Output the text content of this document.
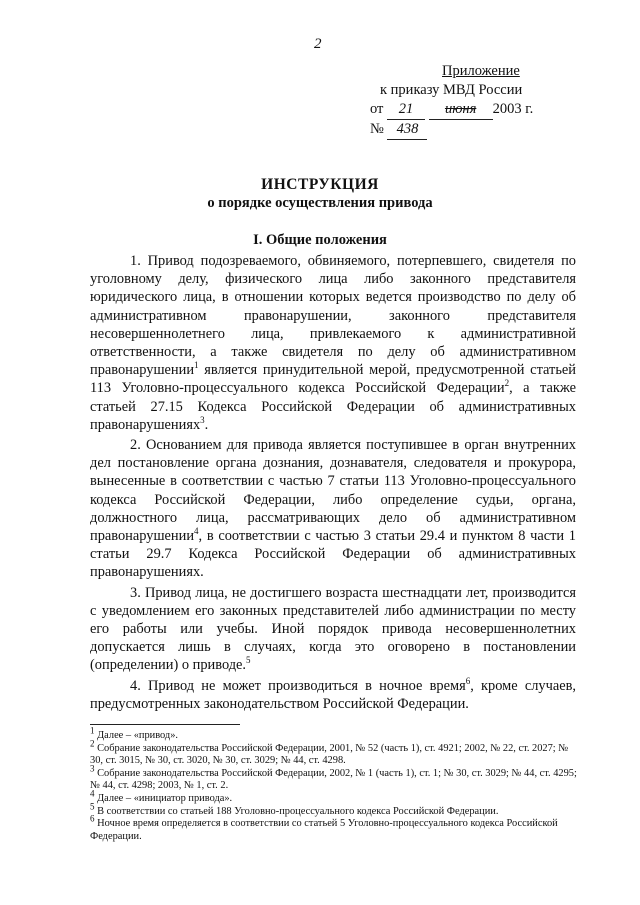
2
Приложение
к приказу МВД России
от 21 июня 2003 г.
№ 438
ИНСТРУКЦИЯ
о порядке осуществления привода
I. Общие положения

1. Привод подозреваемого, обвиняемого, потерпевшего, свидетеля по уголовному делу, физического лица либо законного представителя юридического лица, в отношении которых ведется производство по делу об административном правонарушении, законного представителя несовершеннолетнего лица, привлекаемого к административной ответственности, а также свидетеля по делу об административном правонарушении$^1$ является принудительной мерой, предусмотренной статьей 113 Уголовно-процессуального кодекса Российской Федерации$^2$, а также статьей 27.15 Кодекса Российской Федерации об административных правонарушениях$^3$.

2. Основанием для привода является поступившее в орган внутренних дел постановление органа дознания, дознавателя, следователя и прокурора, вынесенные в соответствии с частью 7 статьи 113 Уголовно-процессуального кодекса Российской Федерации, либо определение судьи, органа, должностного лица, рассматривающих дело об административном правонарушении$^4$, в соответствии с частью 3 статьи 29.4 и пунктом 8 части 1 статьи 29.7 Кодекса Российской Федерации об административных правонарушениях.

3. Привод лица, не достигшего возраста шестнадцати лет, производится с уведомлением его законных представителей либо администрации по месту его работы или учебы. Иной порядок привода несовершеннолетних допускается лишь в случаях, когда это оговорено в постановлении (определении) о приводе.$^5$

4. Привод не может производиться в ночное время$^6$, кроме случаев, предусмотренных законодательством Российской Федерации.

$^1$ Далее – «привод».
$^2$ Собрание законодательства Российской Федерации, 2001, № 52 (часть 1), ст. 4921; 2002, № 22, ст. 2027; № 30, ст. 3015, № 30, ст. 3020, № 30, ст. 3029; № 44, ст. 4298.
$^3$ Собрание законодательства Российской Федерации, 2002, № 1 (часть 1), ст. 1; № 30, ст. 3029; № 44, ст. 4295; № 44, ст. 4298; 2003, № 1, ст. 2.
$^4$ Далее – «инициатор привода».
$^5$ В соответствии со статьей 188 Уголовно-процессуального кодекса Российской Федерации.
$^6$ Ночное время определяется в соответствии со статьей 5 Уголовно-процессуального кодекса Российской Федерации.
